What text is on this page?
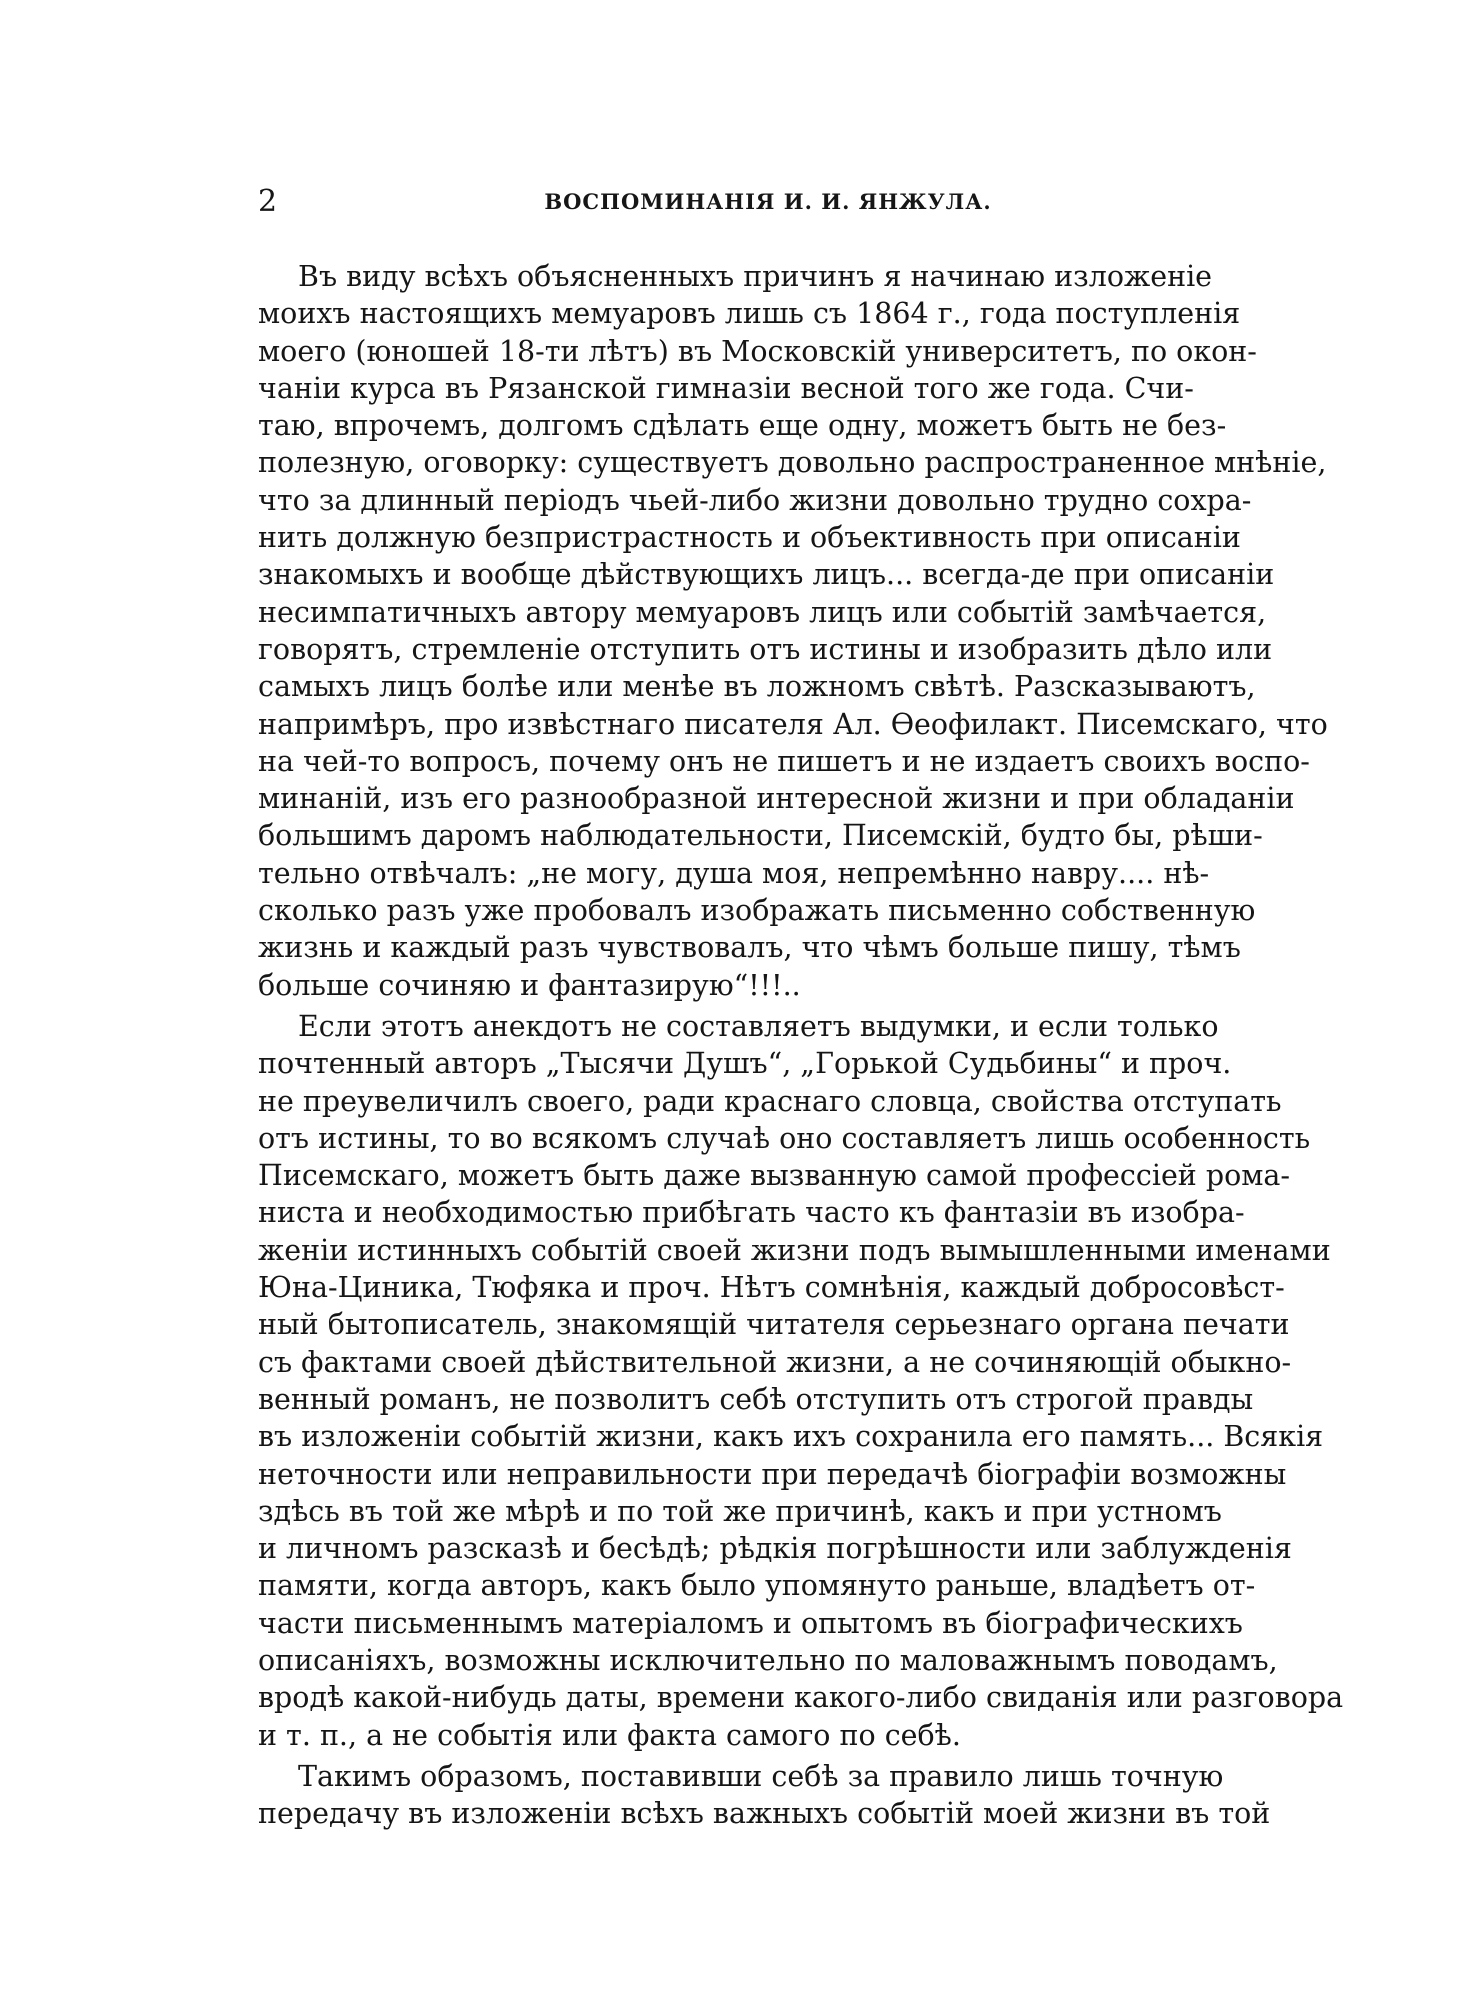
2	ВОСПОМИНАНІЯ И. И. ЯНЖУЛА.
Въ виду всѣхъ объясненныхъ причинъ я начинаю изложеніе
моихъ настоящихъ мемуаровъ лишь съ 1864 г., года поступленія
моего (юношей 18-ти лѣтъ) въ Московскій университетъ, по окон-
чаніи курса въ Рязанской гимназіи весной того же года. Счи-
таю, впрочемъ, долгомъ сдѣлать еще одну, можетъ быть не без-
полезную, оговорку: существуетъ довольно распространенное мнѣніе,
что за длинный періодъ чьей-либо жизни довольно трудно сохра-
нить должную безпристрастность и объективность при описаніи
знакомыхъ и вообще дѣйствующихъ лицъ... всегда-де при описаніи
несимпатичныхъ автору мемуаровъ лицъ или событій замѣчается,
говорятъ, стремленіе отступить отъ истины и изобразить дѣло или
самыхъ лицъ болѣе или менѣе въ ложномъ свѣтѣ. Разсказываютъ,
напримѣръ, про извѣстнаго писателя Ал. Ѳеофилакт. Писемскаго, что
на чей-то вопросъ, почему онъ не пишетъ и не издаетъ своихъ воспо-
минаній, изъ его разнообразной интересной жизни и при обладаніи
большимъ даромъ наблюдательности, Писемскій, будто бы, рѣши-
тельно отвѣчалъ: „не могу, душа моя, непремѣнно навру.... нѣ-
сколько разъ уже пробовалъ изображать письменно собственную
жизнь и каждый разъ чувствовалъ, что чѣмъ больше пишу, тѣмъ
больше сочиняю и фантазирую“!!!..
Если этотъ анекдотъ не составляетъ выдумки, и если только
почтенный авторъ „Тысячи Душъ“, „Горькой Судьбины“ и проч.
не преувеличилъ своего, ради краснаго словца, свойства отступать
отъ истины, то во всякомъ случаѣ оно составляетъ лишь особенность
Писемскаго, можетъ быть даже вызванную самой профессіей рома-
ниста и необходимостью прибѣгать часто къ фантазіи въ изобра-
женіи истинныхъ событій своей жизни подъ вымышленными именами
Юна-Циника, Тюфяка и проч. Нѣтъ сомнѣнія, каждый добросовѣст-
ный бытописатель, знакомящій читателя серьезнаго органа печати
съ фактами своей дѣйствительной жизни, а не сочиняющій обыкно-
венный романъ, не позволитъ себѣ отступить отъ строгой правды
въ изложеніи событій жизни, какъ ихъ сохранила его память... Всякія
неточности или неправильности при передачѣ біографіи возможны
здѣсь въ той же мѣрѣ и по той же причинѣ, какъ и при устномъ
и личномъ разсказѣ и бесѣдѣ; рѣдкія погрѣшности или заблужденія
памяти, когда авторъ, какъ было упомянуто раньше, владѣетъ от-
части письменнымъ матеріаломъ и опытомъ въ біографическихъ
описаніяхъ, возможны исключительно по маловажнымъ поводамъ,
вродѣ какой-нибудь даты, времени какого-либо свиданія или разговора
и т. п., а не событія или факта самого по себѣ.
Такимъ образомъ, поставивши себѣ за правило лишь точную
передачу въ изложеніи всѣхъ важныхъ событій моей жизни въ той
